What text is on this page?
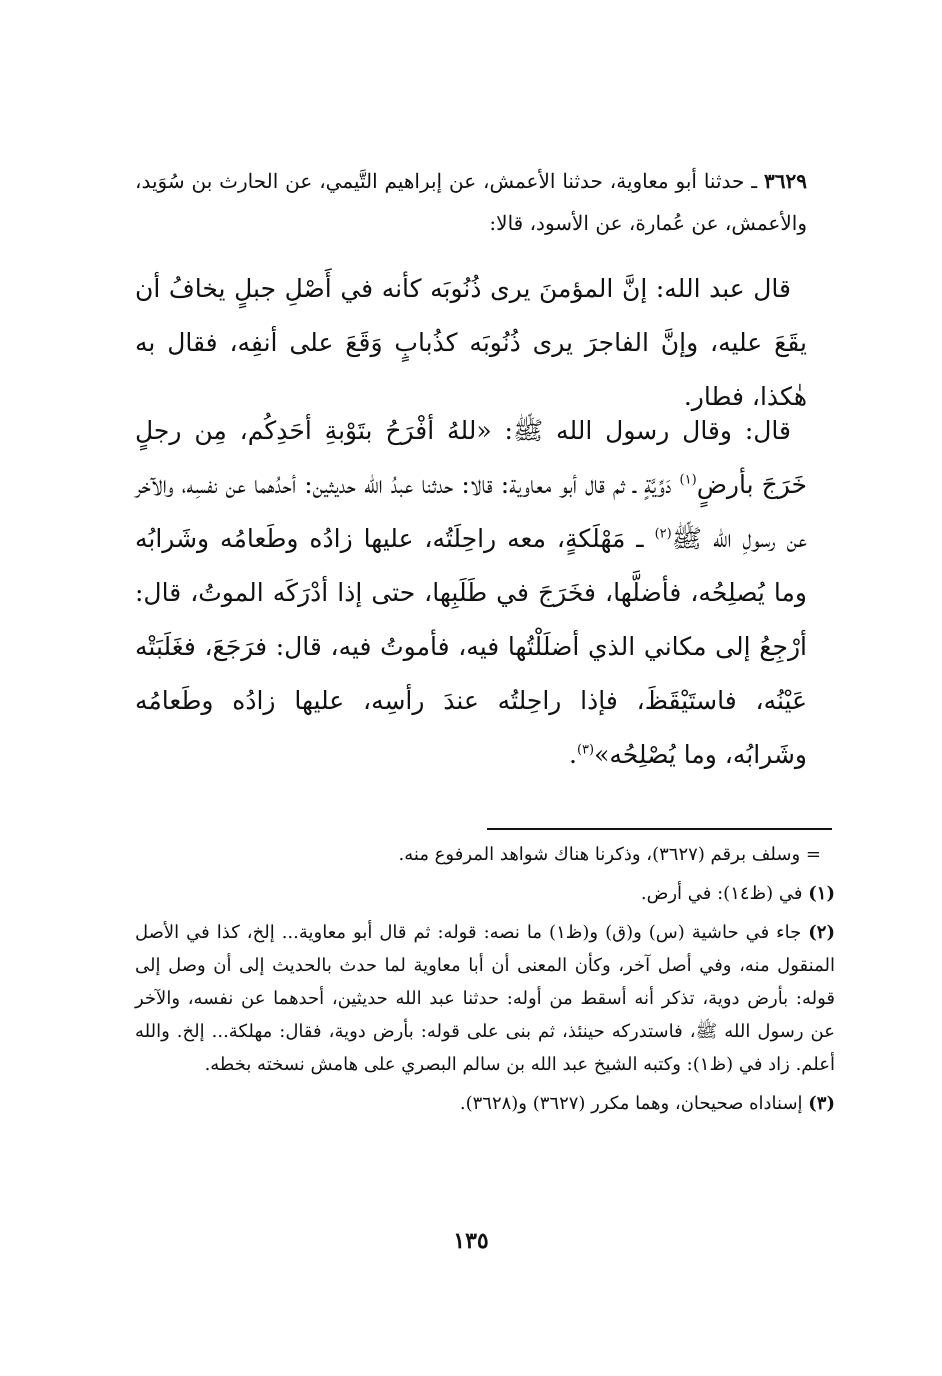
٣٦٢٩ ـ حدثنا أبو معاوية، حدثنا الأعمش، عن إبراهيم التَّيمي، عن الحارث بن سُوَيد، والأعمش، عن عُمارة، عن الأسود، قالا:

قال عبد الله: إنَّ المؤمنَ يرى ذُنُوبَه كأنه في أَصْلِ جبلٍ يخافُ أن يقَعَ عليه، وإنَّ الفاجرَ يرى ذُنُوبَه كذُبابٍ وَقَعَ على أنفِه، فقال به هٰكذا، فطار.

قال: وقال رسول الله ﷺ: «للهُ أفْرَحُ بتَوْبةِ أحَدِكُم، مِن رجلٍ خَرَجَ بأرضٍ$^{(١)}$ دَوِّيَّةٍ ـ ثم قال أبو معاوية: قالا: حدثنا عبدُ الله حديثين: أحدُهما عن نفسِه، والآخر عن رسولِ الله ﷺ$^{(٢)}$ ـ مَهْلَكةٍ، معه راحِلَتُه، عليها زادُه وطَعامُه وشَرابُه وما يُصلِحُه، فأضلَّها، فخَرَجَ في طَلَبِها، حتى إذا أدْرَكَه الموتُ، قال: أرْجِعُ إلى مكاني الذي أضلَلْتُها فيه، فأموتُ فيه، قال: فرَجَعَ، فغَلَبَتْه عَيْنُه، فاستَيْقَظَ، فإذا راحِلتُه عندَ رأسِه، عليها زادُه وطَعامُه وشَرابُه، وما يُصْلِحُه»$^{(٣)}$.

= وسلف برقم (٣٦٢٧)، وذكرنا هناك شواهد المرفوع منه.

(١) في (ظ١٤): في أرض.

(٢) جاء في حاشية (س) و(ق) و(ظ١) ما نصه: قوله: ثم قال أبو معاوية... إلخ، كذا في الأصل المنقول منه، وفي أصل آخر، وكأن المعنى أن أبا معاوية لما حدث بالحديث إلى أن وصل إلى قوله: بأرض دوية، تذكر أنه أسقط من أوله: حدثنا عبد الله حديثين، أحدهما عن نفسه، والآخر عن رسول الله ﷺ، فاستدركه حينئذ، ثم بنى على قوله: بأرض دوية، فقال: مهلكة... إلخ. والله أعلم. زاد في (ظ١): وكتبه الشيخ عبد الله بن سالم البصري على هامش نسخته بخطه.

(٣) إسناداه صحيحان، وهما مكرر (٣٦٢٧) و(٣٦٢٨).

١٣٥
